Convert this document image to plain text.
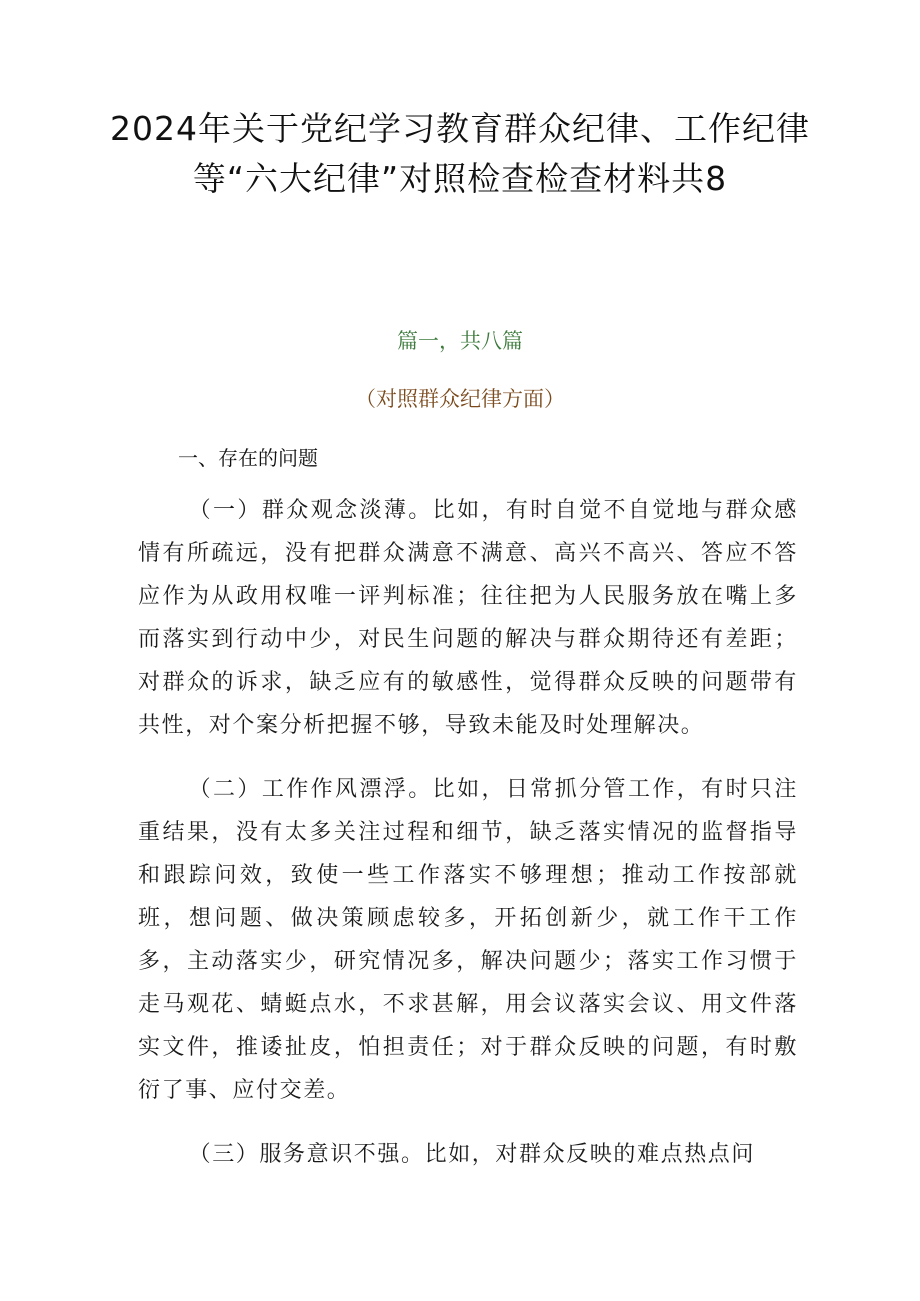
2024年关于党纪学习教育群众纪律、工作纪律等“六大纪律”对照检查检查材料共8

篇一，共八篇

（对照群众纪律方面）

一、存在的问题

（一）群众观念淡薄。比如，有时自觉不自觉地与群众感情有所疏远，没有把群众满意不满意、高兴不高兴、答应不答应作为从政用权唯一评判标准；往往把为人民服务放在嘴上多而落实到行动中少，对民生问题的解决与群众期待还有差距；对群众的诉求，缺乏应有的敏感性，觉得群众反映的问题带有共性，对个案分析把握不够，导致未能及时处理解决。

（二）工作作风漂浮。比如，日常抓分管工作，有时只注重结果，没有太多关注过程和细节，缺乏落实情况的监督指导和跟踪问效，致使一些工作落实不够理想；推动工作按部就班，想问题、做决策顾虑较多，开拓创新少，就工作干工作多，主动落实少，研究情况多，解决问题少；落实工作习惯于走马观花、蜻蜓点水，不求甚解，用会议落实会议、用文件落实文件，推诿扯皮，怕担责任；对于群众反映的问题，有时敷衍了事、应付交差。

（三）服务意识不强。比如，对群众反映的难点热点问
